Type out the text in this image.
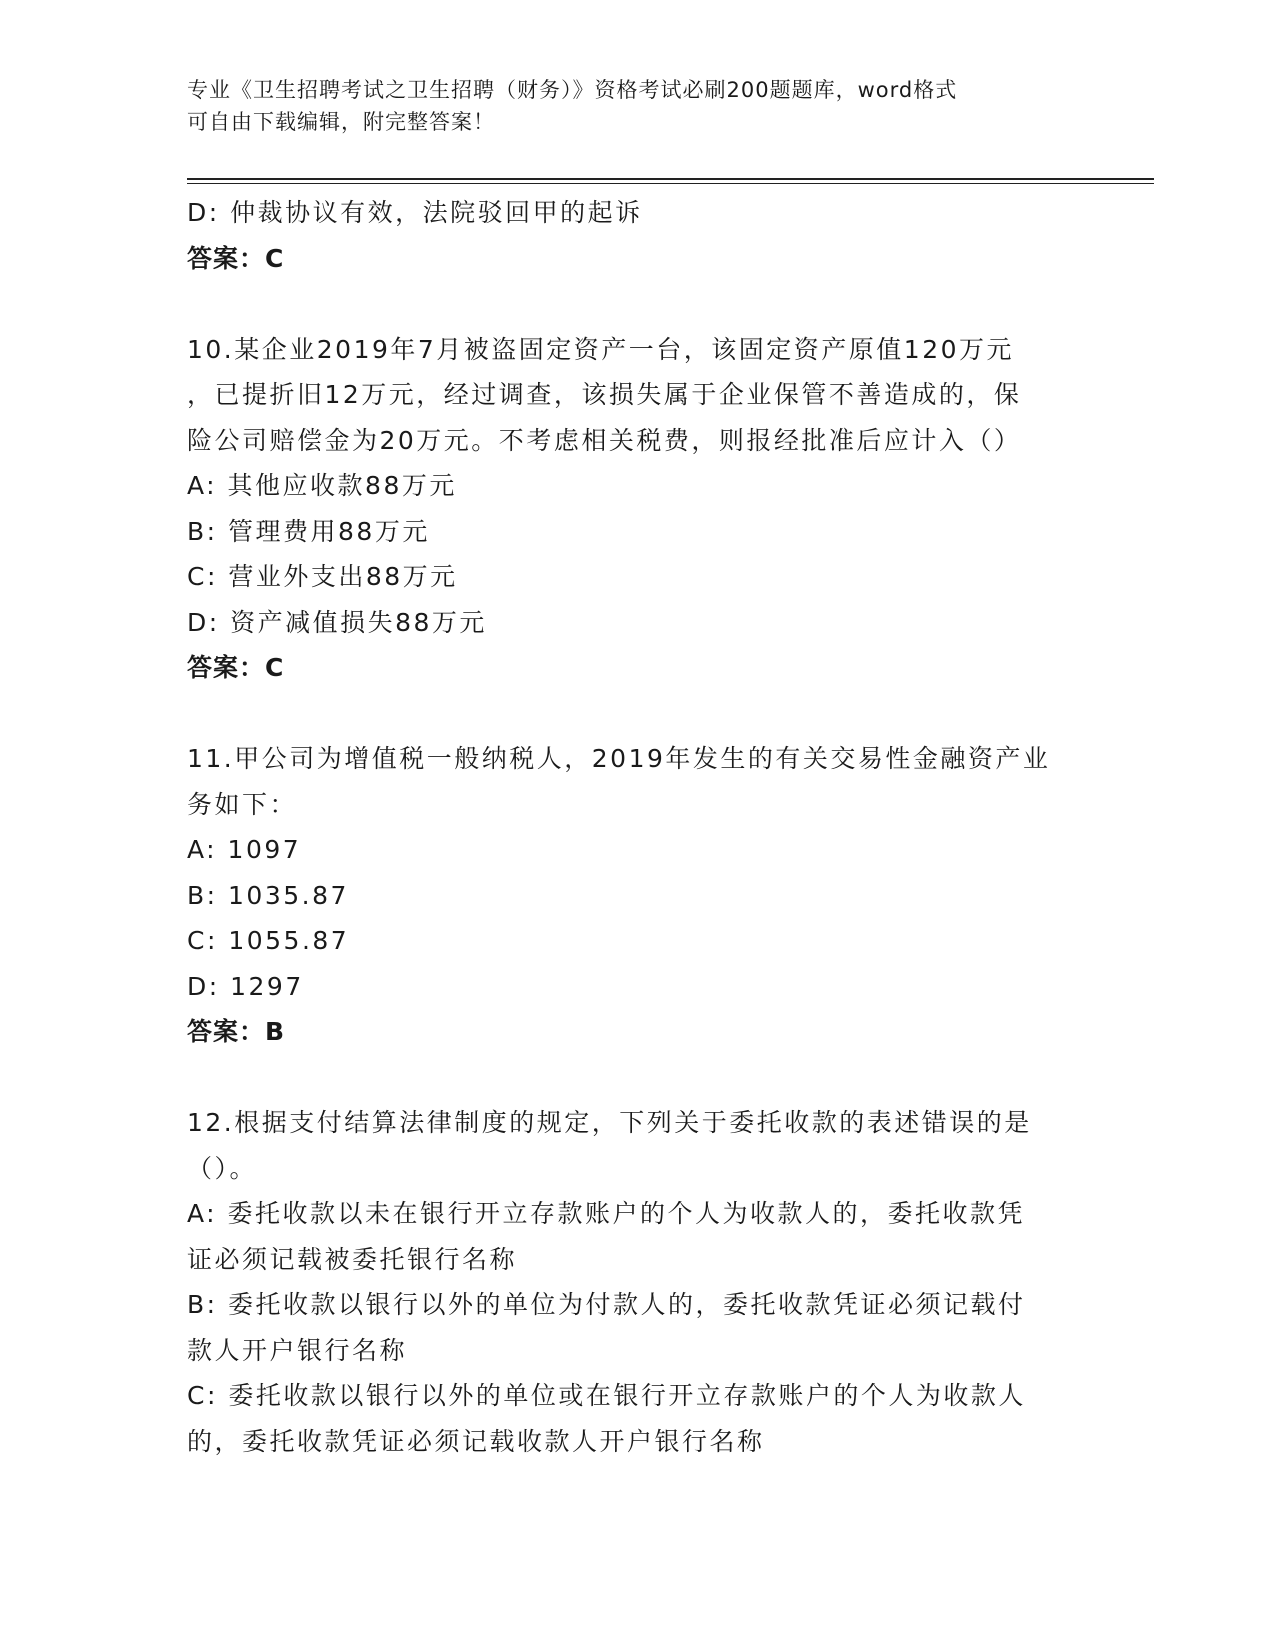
专业《卫生招聘考试之卫生招聘（财务）》资格考试必刷200题题库，word格式
可自由下载编辑，附完整答案！
D: 仲裁协议有效，法院驳回甲的起诉
答案：C
10.某企业2019年7月被盗固定资产一台，该固定资产原值120万元
，已提折旧12万元，经过调查，该损失属于企业保管不善造成的，保
险公司赔偿金为20万元。不考虑相关税费，则报经批准后应计入（）
A: 其他应收款88万元
B: 管理费用88万元
C: 营业外支出88万元
D: 资产减值损失88万元
答案：C
11.甲公司为增值税一般纳税人，2019年发生的有关交易性金融资产业
务如下：
A: 1097
B: 1035.87
C: 1055.87
D: 1297
答案：B
12.根据支付结算法律制度的规定，下列关于委托收款的表述错误的是
（）。
A: 委托收款以未在银行开立存款账户的个人为收款人的，委托收款凭
证必须记载被委托银行名称
B: 委托收款以银行以外的单位为付款人的，委托收款凭证必须记载付
款人开户银行名称
C: 委托收款以银行以外的单位或在银行开立存款账户的个人为收款人
的，委托收款凭证必须记载收款人开户银行名称
